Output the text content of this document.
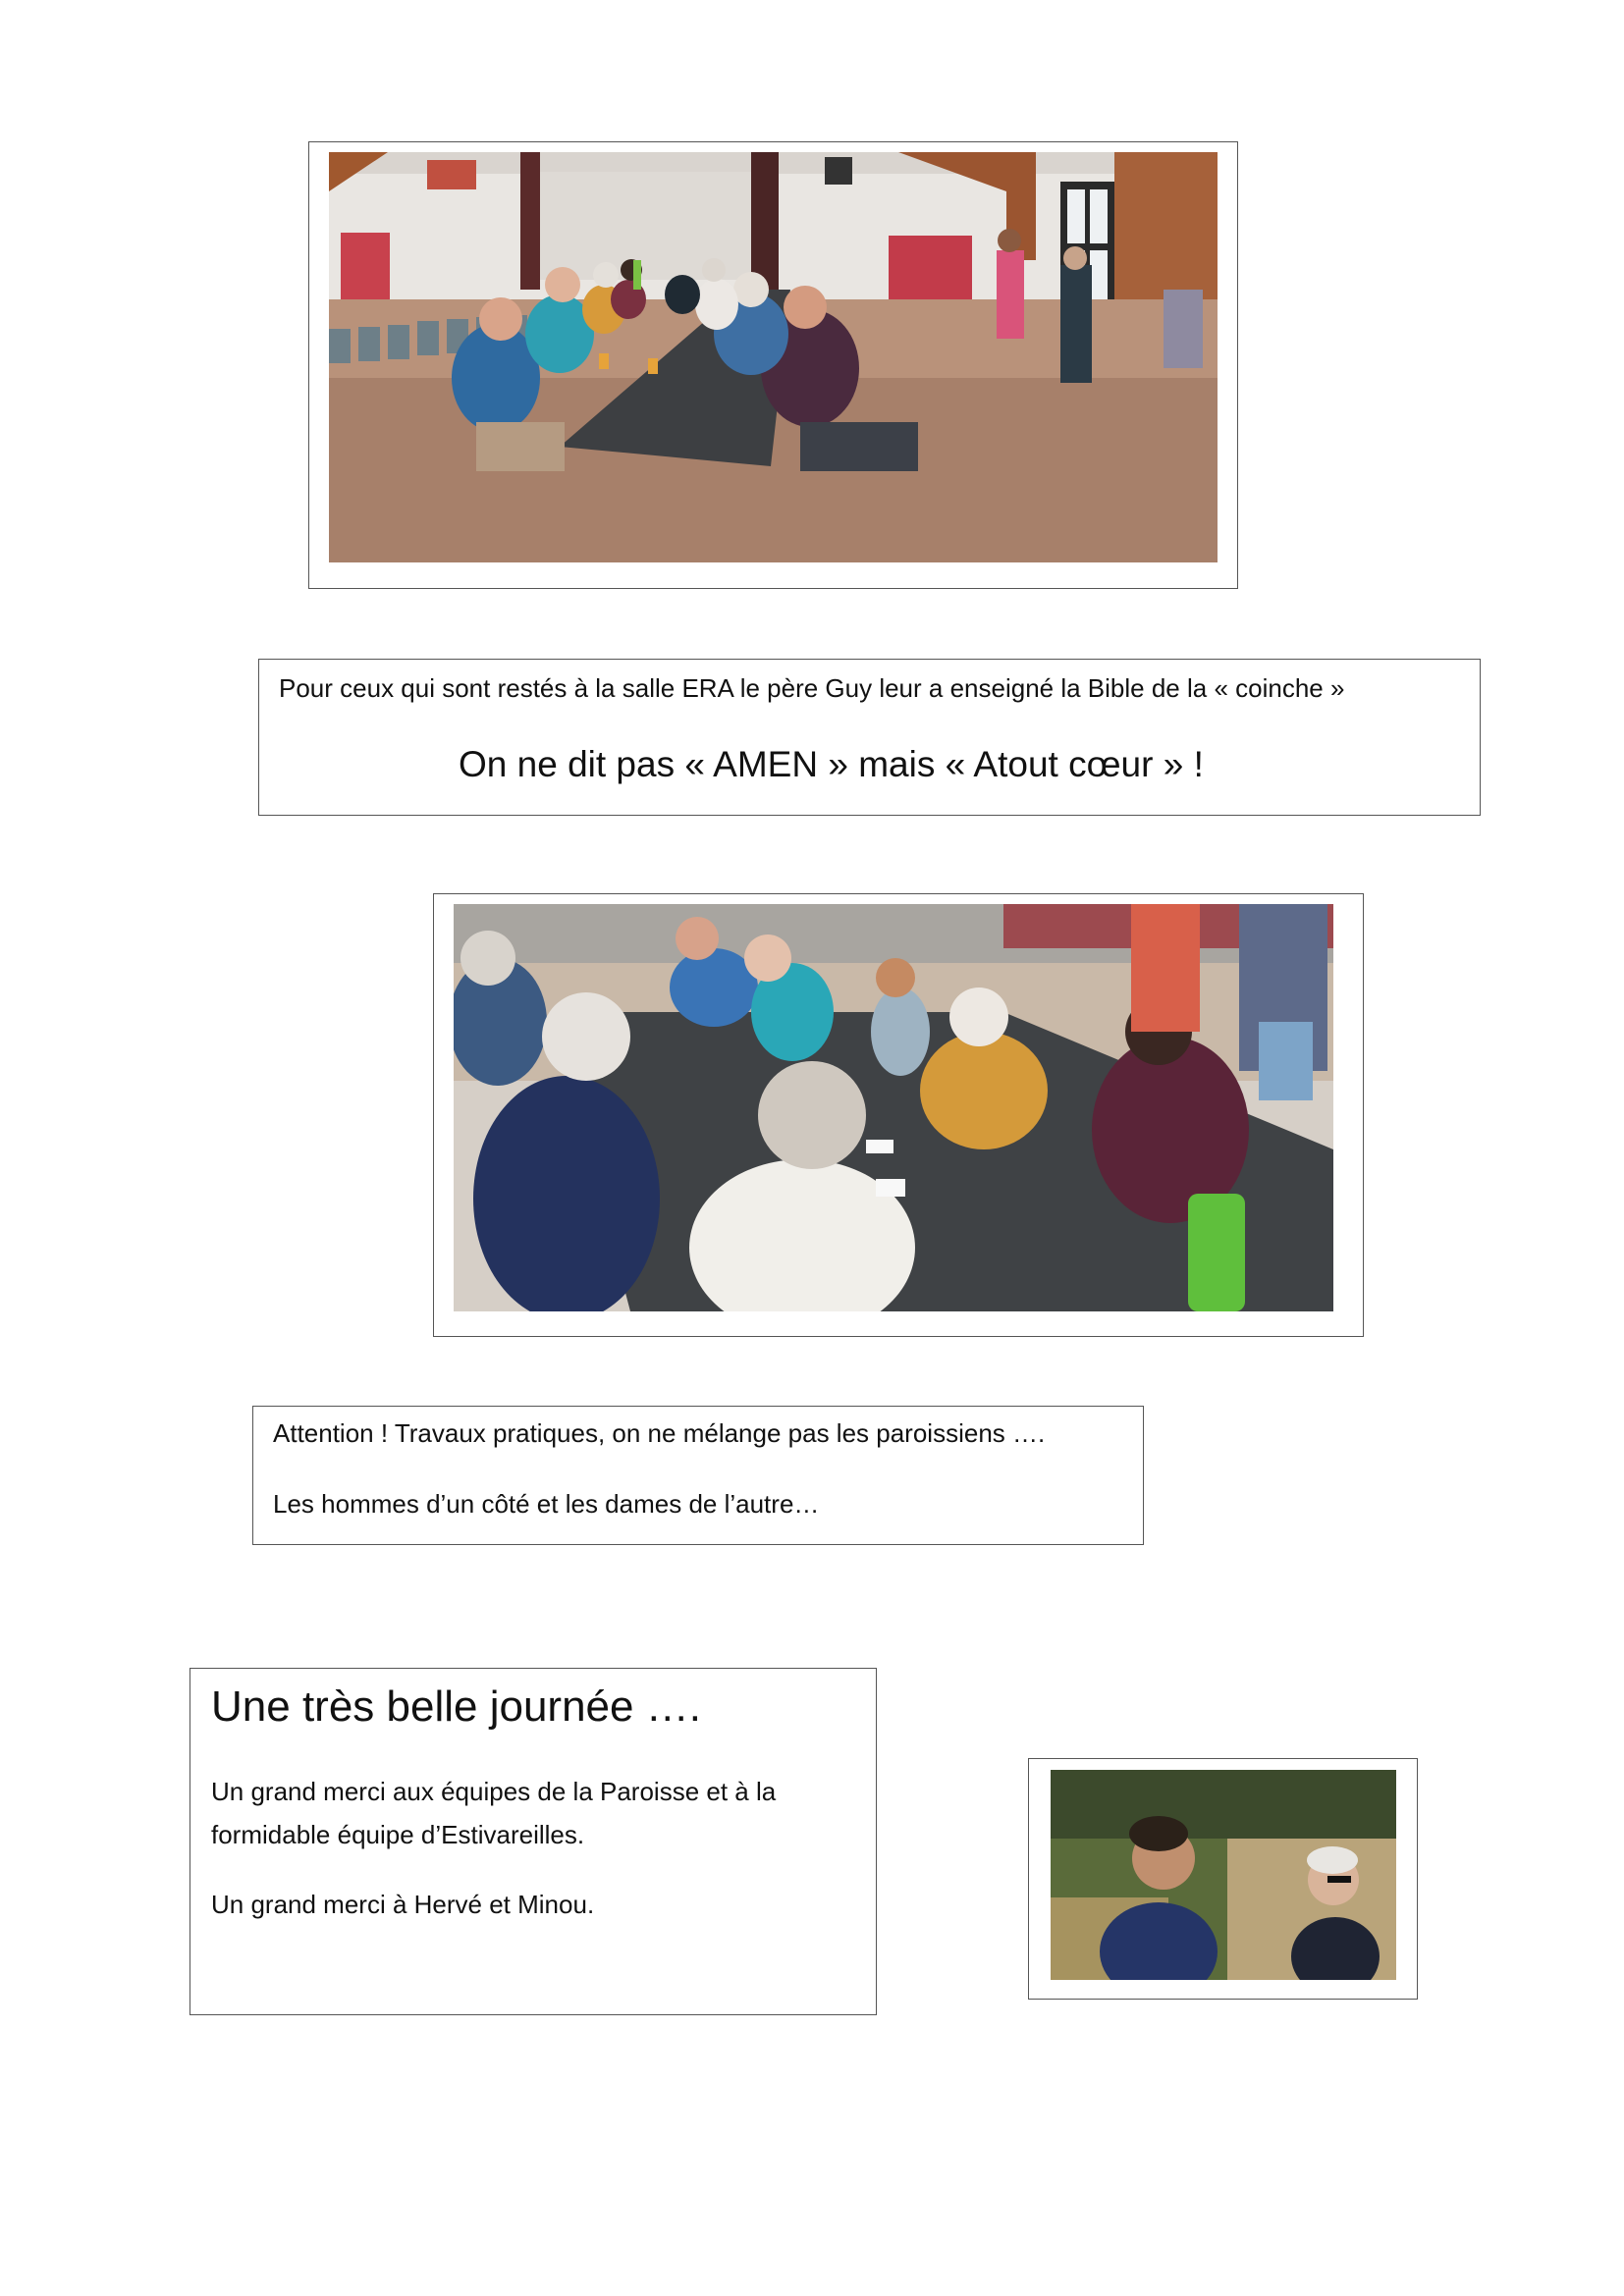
Pour ceux qui sont restés à la salle ERA le père Guy leur a enseigné la Bible de la « coinche »
On ne dit pas « AMEN » mais « Atout cœur » !
Attention ! Travaux pratiques, on ne mélange pas les paroissiens ….
Les hommes d’un côté et les dames de l’autre…
Une très belle journée ….
Un grand merci aux équipes de la Paroisse et à la
formidable équipe d’Estivareilles.
Un grand merci à Hervé et Minou.
